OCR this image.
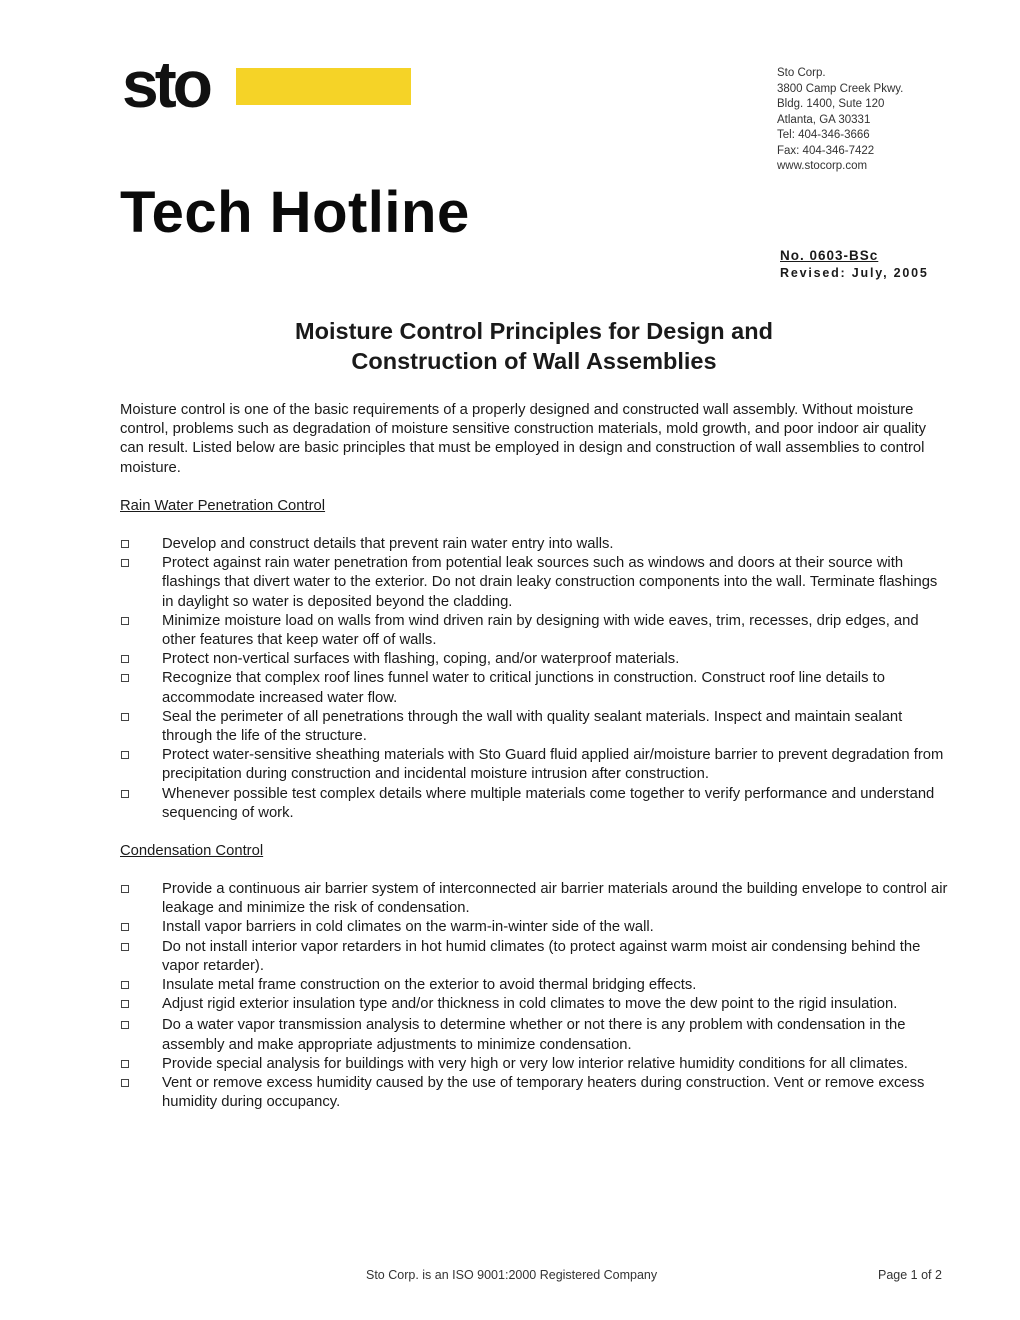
sto	Sto Corp.
3800 Camp Creek Pkwy.
Bldg. 1400, Sute 120
Atlanta, GA 30331
Tel: 404-346-3666
Fax: 404-346-7422
www.stocorp.com
Tech Hotline
No. 0603-BSc
Revised: July, 2005
Moisture Control Principles for Design and
Construction of Wall Assemblies
Moisture control is one of the basic requirements of a properly designed and constructed wall assembly. Without moisture control, problems such as degradation of moisture sensitive construction materials, mold growth, and poor indoor air quality can result. Listed below are basic principles that must be employed in design and construction of wall assemblies to control moisture.
Rain Water Penetration Control
Develop and construct details that prevent rain water entry into walls.
Protect against rain water penetration from potential leak sources such as windows and doors at their source with flashings that divert water to the exterior. Do not drain leaky construction components into the wall. Terminate flashings in daylight so water is deposited beyond the cladding.
Minimize moisture load on walls from wind driven rain by designing with wide eaves, trim, recesses, drip edges, and other features that keep water off of walls.
Protect non-vertical surfaces with flashing, coping, and/or waterproof materials.
Recognize that complex roof lines funnel water to critical junctions in construction. Construct roof line details to accommodate increased water flow.
Seal the perimeter of all penetrations through the wall with quality sealant materials. Inspect and maintain sealant through the life of the structure.
Protect water-sensitive sheathing materials with Sto Guard fluid applied air/moisture barrier to prevent degradation from precipitation during construction and incidental moisture intrusion after construction.
Whenever possible test complex details where multiple materials come together to verify performance and understand sequencing of work.
Condensation Control
Provide a continuous air barrier system of interconnected air barrier materials around the building envelope to control air leakage and minimize the risk of condensation.
Install vapor barriers in cold climates on the warm-in-winter side of the wall.
Do not install interior vapor retarders in hot humid climates (to protect against warm moist air condensing behind the vapor retarder).
Insulate metal frame construction on the exterior to avoid thermal bridging effects.
Adjust rigid exterior insulation type and/or thickness in cold climates to move the dew point to the rigid insulation.
Do a water vapor transmission analysis to determine whether or not there is any problem with condensation in the assembly and make appropriate adjustments to minimize condensation.
Provide special analysis for buildings with very high or very low interior relative humidity conditions for all climates.
Vent or remove excess humidity caused by the use of temporary heaters during construction. Vent or remove excess humidity during occupancy.
Sto Corp. is an ISO 9001:2000 Registered Company	Page 1 of 2
